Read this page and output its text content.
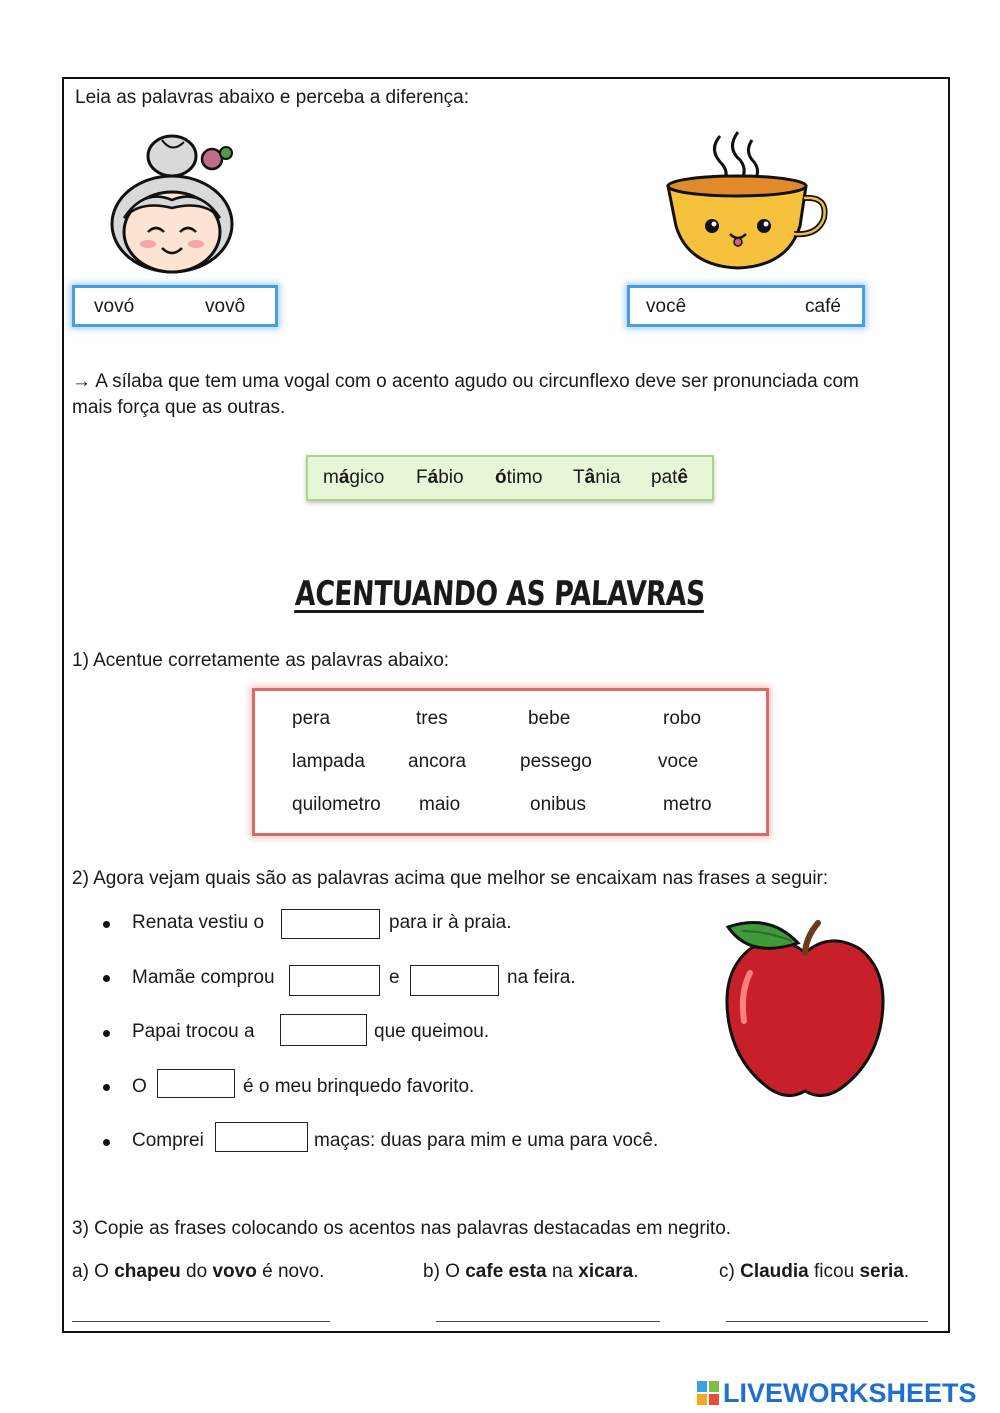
Leia as palavras abaixo e perceba a diferença:
vovó	vovô	você	café
→ A sílaba que tem uma vogal com o acento agudo ou circunflexo deve ser pronunciada com
mais força que as outras.
mágico Fábio ótimo Tânia patê
ACENTUANDO AS PALAVRAS
1) Acentue corretamente as palavras abaixo:
pera	tres	bebe	robo
lampada ancora	pessego	voce
quilometro maio	onibus	metro
2) Agora vejam quais são as palavras acima que melhor se encaixam nas frases a seguir:
Renata vestiu o	para ir à praia.
Mamãe comprou	e	na feira.
Papai trocou a	que queimou.
O	é o meu brinquedo favorito.
Comprei	maças: duas para mim e uma para você.
3) Copie as frases colocando os acentos nas palavras destacadas em negrito.
a) O chapeu do vovo é novo.	b) O cafe esta na xicara.	c) Claudia ficou seria.
LIVEWORKSHEETS
